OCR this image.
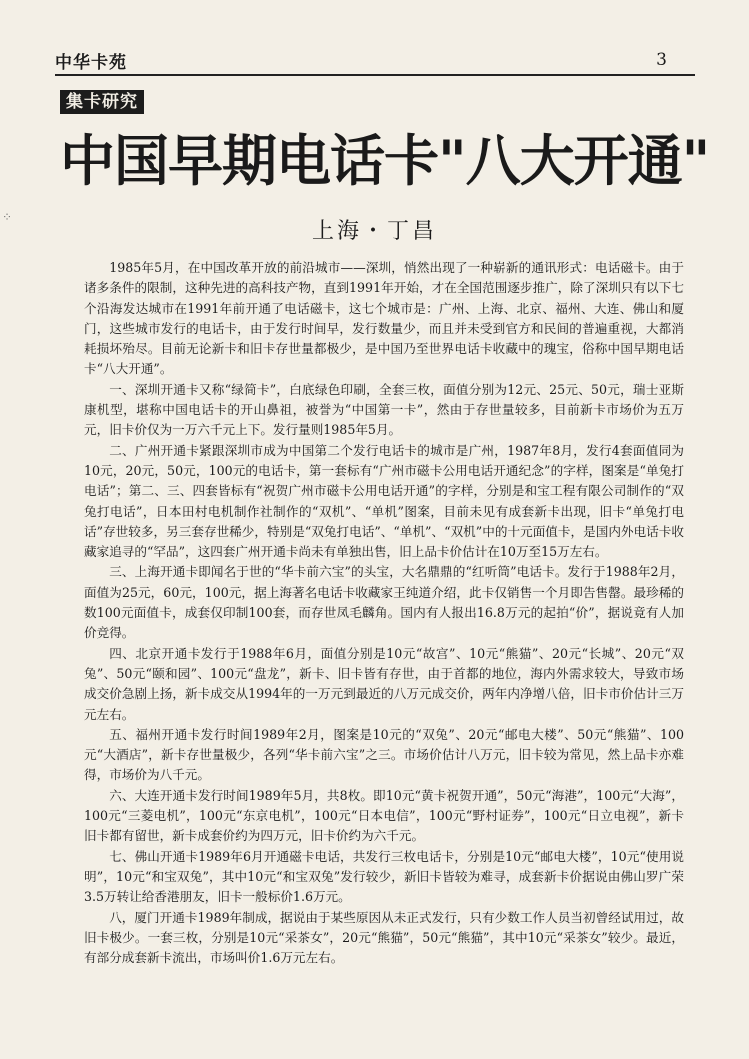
⁘
中华卡苑	3
集卡研究
中国早期电话卡"八大开通"
上海・丁昌

1985年5月，在中国改革开放的前沿城市——深圳，悄然出现了一种崭新的通讯形式：电话磁卡。由于诸多条件的限制，这种先进的高科技产物，直到1991年开始，才在全国范围逐步推广，除了深圳只有以下七个沿海发达城市在1991年前开通了电话磁卡，这七个城市是：广州、上海、北京、福州、大连、佛山和厦门，这些城市发行的电话卡，由于发行时间早，发行数量少，而且并未受到官方和民间的普遍重视，大都消耗损坏殆尽。目前无论新卡和旧卡存世量都极少，是中国乃至世界电话卡收藏中的瑰宝，俗称中国早期电话卡“八大开通”。

一、深圳开通卡又称“绿简卡”，白底绿色印刷，全套三枚，面值分别为12元、25元、50元，瑞士亚斯康机型，堪称中国电话卡的开山鼻祖，被誉为“中国第一卡”，然由于存世量较多，目前新卡市场价为五万元，旧卡价仅为一万六千元上下。发行量则1985年5月。

二、广州开通卡紧跟深圳市成为中国第二个发行电话卡的城市是广州，1987年8月，发行4套面值同为10元，20元，50元，100元的电话卡，第一套标有“广州市磁卡公用电话开通纪念”的字样，图案是“单兔打电话”；第二、三、四套皆标有“祝贺广州市磁卡公用电话开通”的字样，分别是和宝工程有限公司制作的“双兔打电话”，日本田村电机制作社制作的“双机”、“单机”图案，目前未见有成套新卡出现，旧卡“单兔打电话”存世较多，另三套存世稀少，特别是“双兔打电话”、“单机”、“双机”中的十元面值卡，是国内外电话卡收藏家追寻的“罕品”，这四套广州开通卡尚未有单独出售，旧上品卡价估计在10万至15万左右。

三、上海开通卡即闻名于世的“华卡前六宝”的头宝，大名鼎鼎的“红听筒”电话卡。发行于1988年2月，面值为25元，60元，100元，据上海著名电话卡收藏家王纯道介绍，此卡仅销售一个月即告售罄。最珍稀的数100元面值卡，成套仅印制100套，而存世凤毛麟角。国内有人报出16.8万元的起拍“价”，据说竟有人加价竞得。

四、北京开通卡发行于1988年6月，面值分别是10元“故宫”、10元“熊猫”、20元“长城”、20元“双兔”、50元“颐和园”、100元“盘龙”，新卡、旧卡皆有存世，由于首都的地位，海内外需求较大，导致市场成交价急剧上扬，新卡成交从1994年的一万元到最近的八万元成交价，两年内净增八倍，旧卡市价估计三万元左右。

五、福州开通卡发行时间1989年2月，图案是10元的“双兔”、20元“邮电大楼”、50元“熊猫”、100元“大酒店”，新卡存世量极少，各列“华卡前六宝”之三。市场价估计八万元，旧卡较为常见，然上品卡亦难得，市场价为八千元。

六、大连开通卡发行时间1989年5月，共8枚。即10元“黄卡祝贺开通”，50元“海港”，100元“大海”，100元“三菱电机”，100元“东京电机”，100元“日本电信”，100元“野村证券”，100元“日立电视”，新卡旧卡都有留世，新卡成套价约为四万元，旧卡价约为六千元。

七、佛山开通卡1989年6月开通磁卡电话，共发行三枚电话卡，分别是10元“邮电大楼”，10元“使用说明”，10元“和宝双兔”，其中10元“和宝双兔”发行较少，新旧卡皆较为难寻，成套新卡价据说由佛山罗广荣3.5万转让给香港朋友，旧卡一般标价1.6万元。

八，厦门开通卡1989年制成，据说由于某些原因从未正式发行，只有少数工作人员当初曾经试用过，故旧卡极少。一套三枚，分别是10元“采茶女”，20元“熊猫”，50元“熊猫”，其中10元“采茶女”较少。最近，有部分成套新卡流出，市场叫价1.6万元左右。
